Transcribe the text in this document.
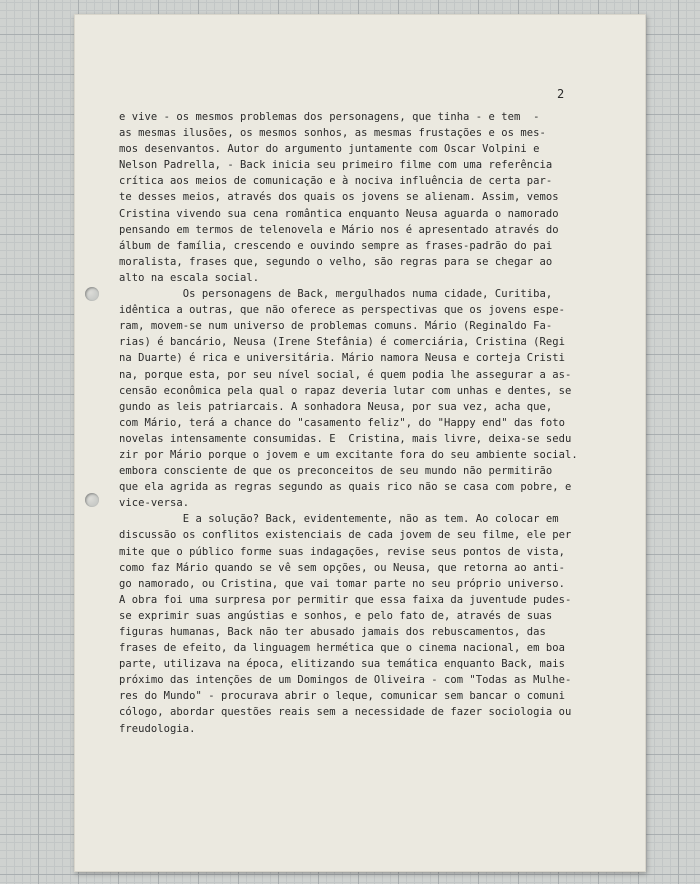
2
e vive - os mesmos problemas dos personagens, que tinha - e tem  -
as mesmas ilusões, os mesmos sonhos, as mesmas frustações e os mes-
mos desenvantos. Autor do argumento juntamente com Oscar Volpini e
Nelson Padrella, - Back inicia seu primeiro filme com uma referência
crítica aos meios de comunicação e à nociva influência de certa par-
te desses meios, através dos quais os jovens se alienam. Assim, vemos
Cristina vivendo sua cena romântica enquanto Neusa aguarda o namorado
pensando em termos de telenovela e Mário nos é apresentado através do
álbum de família, crescendo e ouvindo sempre as frases-padrão do pai
moralista, frases que, segundo o velho, são regras para se chegar ao
alto na escala social.
Os personagens de Back, mergulhados numa cidade, Curitiba,
idêntica a outras, que não oferece as perspectivas que os jovens espe-
ram, movem-se num universo de problemas comuns. Mário (Reginaldo Fa-
rias) é bancário, Neusa (Irene Stefânia) é comerciária, Cristina (Regi
na Duarte) é rica e universitária. Mário namora Neusa e corteja Cristi
na, porque esta, por seu nível social, é quem podia lhe assegurar a as-
censão econômica pela qual o rapaz deveria lutar com unhas e dentes, se
gundo as leis patriarcais. A sonhadora Neusa, por sua vez, acha que,
com Mário, terá a chance do "casamento feliz", do "Happy end" das foto
novelas intensamente consumidas. E  Cristina, mais livre, deixa-se sedu
zir por Mário porque o jovem e um excitante fora do seu ambiente social.
embora consciente de que os preconceitos de seu mundo não permitirão
que ela agrida as regras segundo as quais rico não se casa com pobre, e
vice-versa.
E a solução? Back, evidentemente, não as tem. Ao colocar em
discussão os conflitos existenciais de cada jovem de seu filme, ele per
mite que o público forme suas indagações, revise seus pontos de vista,
como faz Mário quando se vê sem opções, ou Neusa, que retorna ao anti-
go namorado, ou Cristina, que vai tomar parte no seu próprio universo.
A obra foi uma surpresa por permitir que essa faixa da juventude pudes-
se exprimir suas angústias e sonhos, e pelo fato de, através de suas
figuras humanas, Back não ter abusado jamais dos rebuscamentos, das
frases de efeito, da linguagem hermética que o cinema nacional, em boa
parte, utilizava na época, elitizando sua temática enquanto Back, mais
próximo das intenções de um Domingos de Oliveira - com "Todas as Mulhe-
res do Mundo" - procurava abrir o leque, comunicar sem bancar o comuni
cólogo, abordar questões reais sem a necessidade de fazer sociologia ou
freudologia.
